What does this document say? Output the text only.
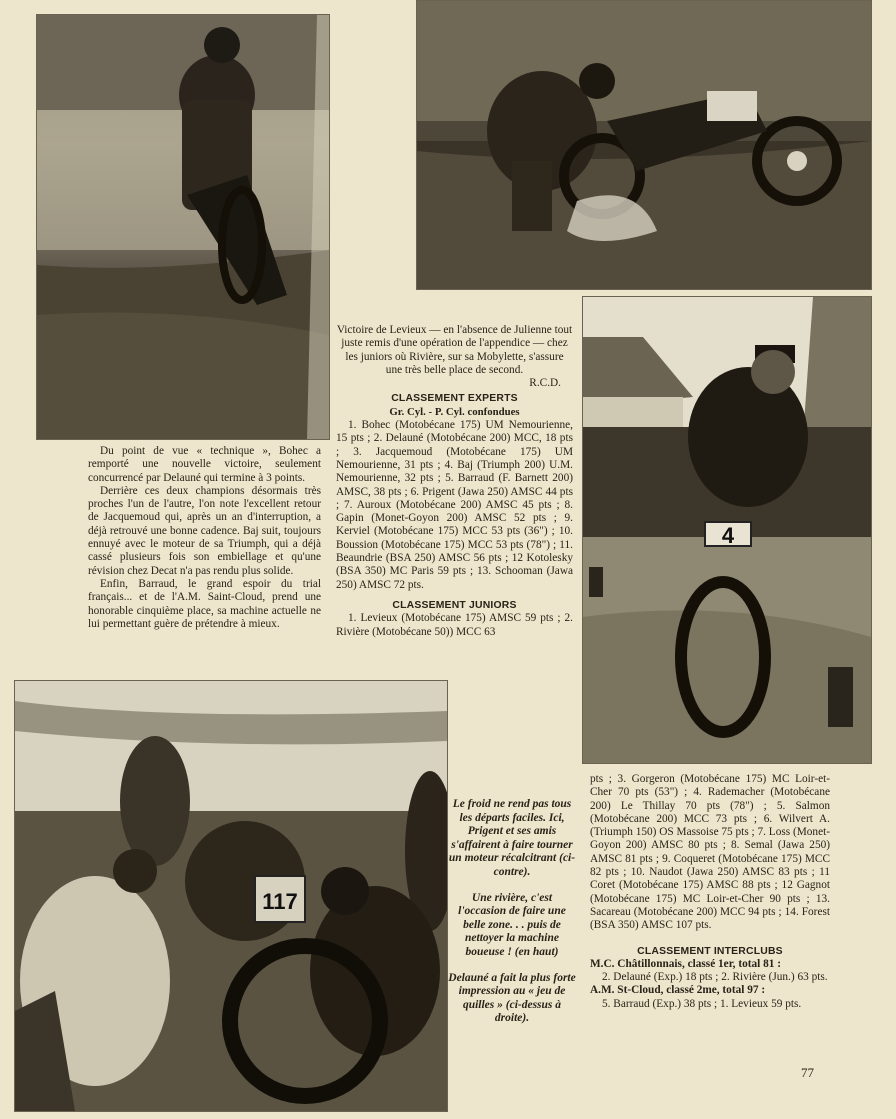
4
117

Du point de vue « technique », Bohec a remporté une nouvelle victoire, seulement concurrencé par Delauné qui termine à 3 points.

Derrière ces deux champions désormais très proches l'un de l'autre, l'on note l'excellent retour de Jacquemoud qui, après un an d'interruption, a déjà retrouvé une bonne cadence. Baj suit, toujours ennuyé avec le moteur de sa Triumph, qui a déjà cassé plusieurs fois son embiellage et qu'une révision chez Decat n'a pas rendu plus solide.

Enfin, Barraud, le grand espoir du trial français... et de l'A.M. Saint-Cloud, prend une honorable cinquième place, sa machine actuelle ne lui permettant guère de prétendre à mieux.

Victoire de Levieux — en l'absence de Julienne tout juste remis d'une opération de l'appendice — chez les juniors où Rivière, sur sa Mobylette, s'assure une très belle place de second.

R.C.D.
CLASSEMENT EXPERTS
Gr. Cyl. - P. Cyl. confondues

1. Bohec (Motobécane 175) UM Nemourienne, 15 pts ; 2. Delauné (Motobécane 200) MCC, 18 pts ; 3. Jacquemoud (Motobécane 175) UM Nemourienne, 31 pts ; 4. Baj (Triumph 200) U.M. Nemourienne, 32 pts ; 5. Barraud (F. Barnett 200) AMSC, 38 pts ; 6. Prigent (Jawa 250) AMSC 44 pts ; 7. Auroux (Motobécane 200) AMSC 45 pts ; 8. Gapin (Monet-Goyon 200) AMSC 52 pts ; 9. Kerviel (Motobécane 175) MCC 53 pts (36") ; 10. Boussion (Motobécane 175) MCC 53 pts (78") ; 11. Beaundrie (BSA 250) AMSC 56 pts ; 12 Kotolesky (BSA 350) MC Paris 59 pts ; 13. Schooman (Jawa 250) AMSC 72 pts.

CLASSEMENT JUNIORS

1. Levieux (Motobécane 175) AMSC 59 pts ; 2. Rivière (Motobécane 50)) MCC 63

Le froid ne rend pas tous les départs faciles. Ici, Prigent et ses amis s'affairent à faire tourner un moteur récalcitrant (ci-contre).

Une rivière, c'est l'occasion de faire une belle zone. . . puis de nettoyer la machine boueuse ! (en haut)

Delauné a fait la plus forte impression au « jeu de quilles » (ci-dessus à droite).

pts ; 3. Gorgeron (Motobécane 175) MC Loir-et-Cher 70 pts (53") ; 4. Rademacher (Motobécane 200) Le Thillay 70 pts (78") ; 5. Salmon (Motobécane 200) MCC 73 pts ; 6. Wilvert A. (Triumph 150) OS Massoise 75 pts ; 7. Loss (Monet-Goyon 200) AMSC 80 pts ; 8. Semal (Jawa 250) AMSC 81 pts ; 9. Coqueret (Motobécane 175) MCC 82 pts ; 10. Naudot (Jawa 250) AMSC 83 pts ; 11 Coret (Motobécane 175) AMSC 88 pts ; 12 Gagnot (Motobécane 175) MC Loir-et-Cher 90 pts ; 13. Sacareau (Motobécane 200) MCC 94 pts ; 14. Forest (BSA 350) AMSC 107 pts.

CLASSEMENT INTERCLUBS
M.C. Châtillonnais, classé 1er, total 81 :

2. Delauné (Exp.) 18 pts ; 2. Rivière (Jun.) 63 pts.

A.M. St-Cloud, classé 2me, total 97 :

5. Barraud (Exp.) 38 pts ; 1. Levieux 59 pts.

77
